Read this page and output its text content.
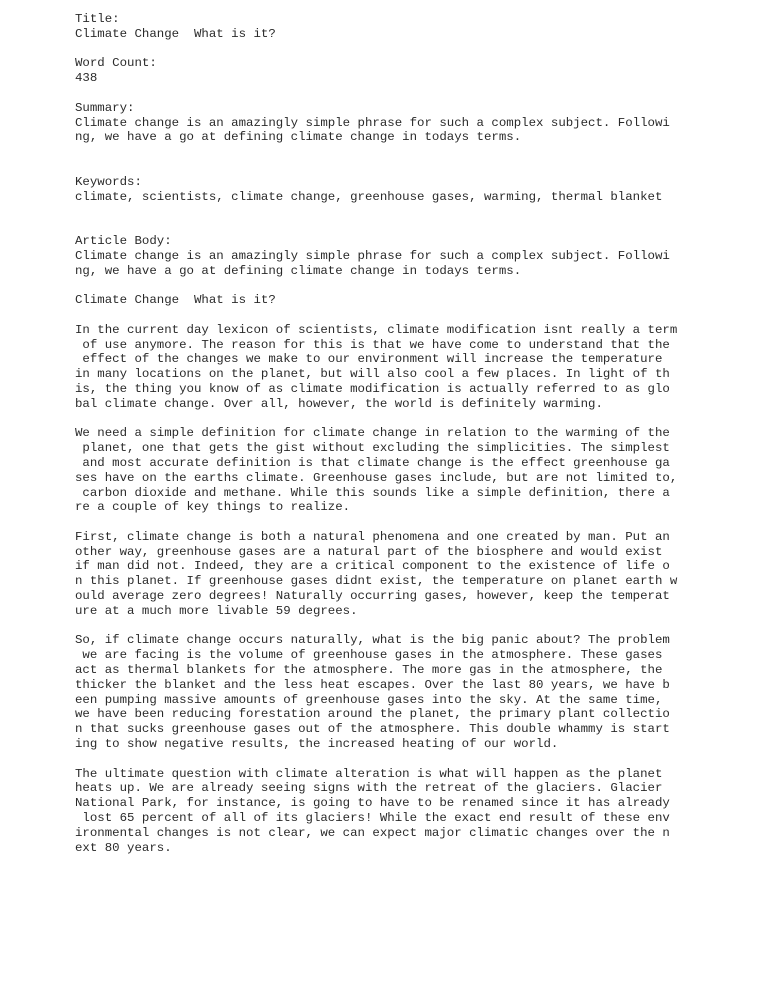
Title:
Climate Change  What is it?
Word Count:
438
Summary:
Climate change is an amazingly simple phrase for such a complex subject. Followi
ng, we have a go at defining climate change in todays terms.
Keywords:
climate, scientists, climate change, greenhouse gases, warming, thermal blanket
Article Body:
Climate change is an amazingly simple phrase for such a complex subject. Followi
ng, we have a go at defining climate change in todays terms.
Climate Change  What is it?
In the current day lexicon of scientists, climate modification isnt really a term
of use anymore. The reason for this is that we have come to understand that the
effect of the changes we make to our environment will increase the temperature
in many locations on the planet, but will also cool a few places. In light of th
is, the thing you know of as climate modification is actually referred to as glo
bal climate change. Over all, however, the world is definitely warming.
We need a simple definition for climate change in relation to the warming of the
planet, one that gets the gist without excluding the simplicities. The simplest
and most accurate definition is that climate change is the effect greenhouse ga
ses have on the earths climate. Greenhouse gases include, but are not limited to,
carbon dioxide and methane. While this sounds like a simple definition, there a
re a couple of key things to realize.
First, climate change is both a natural phenomena and one created by man. Put an
other way, greenhouse gases are a natural part of the biosphere and would exist
if man did not. Indeed, they are a critical component to the existence of life o
n this planet. If greenhouse gases didnt exist, the temperature on planet earth w
ould average zero degrees! Naturally occurring gases, however, keep the temperat
ure at a much more livable 59 degrees.
So, if climate change occurs naturally, what is the big panic about? The problem
we are facing is the volume of greenhouse gases in the atmosphere. These gases
act as thermal blankets for the atmosphere. The more gas in the atmosphere, the
thicker the blanket and the less heat escapes. Over the last 80 years, we have b
een pumping massive amounts of greenhouse gases into the sky. At the same time,
we have been reducing forestation around the planet, the primary plant collectio
n that sucks greenhouse gases out of the atmosphere. This double whammy is start
ing to show negative results, the increased heating of our world.
The ultimate question with climate alteration is what will happen as the planet
heats up. We are already seeing signs with the retreat of the glaciers. Glacier
National Park, for instance, is going to have to be renamed since it has already
lost 65 percent of all of its glaciers! While the exact end result of these env
ironmental changes is not clear, we can expect major climatic changes over the n
ext 80 years.
